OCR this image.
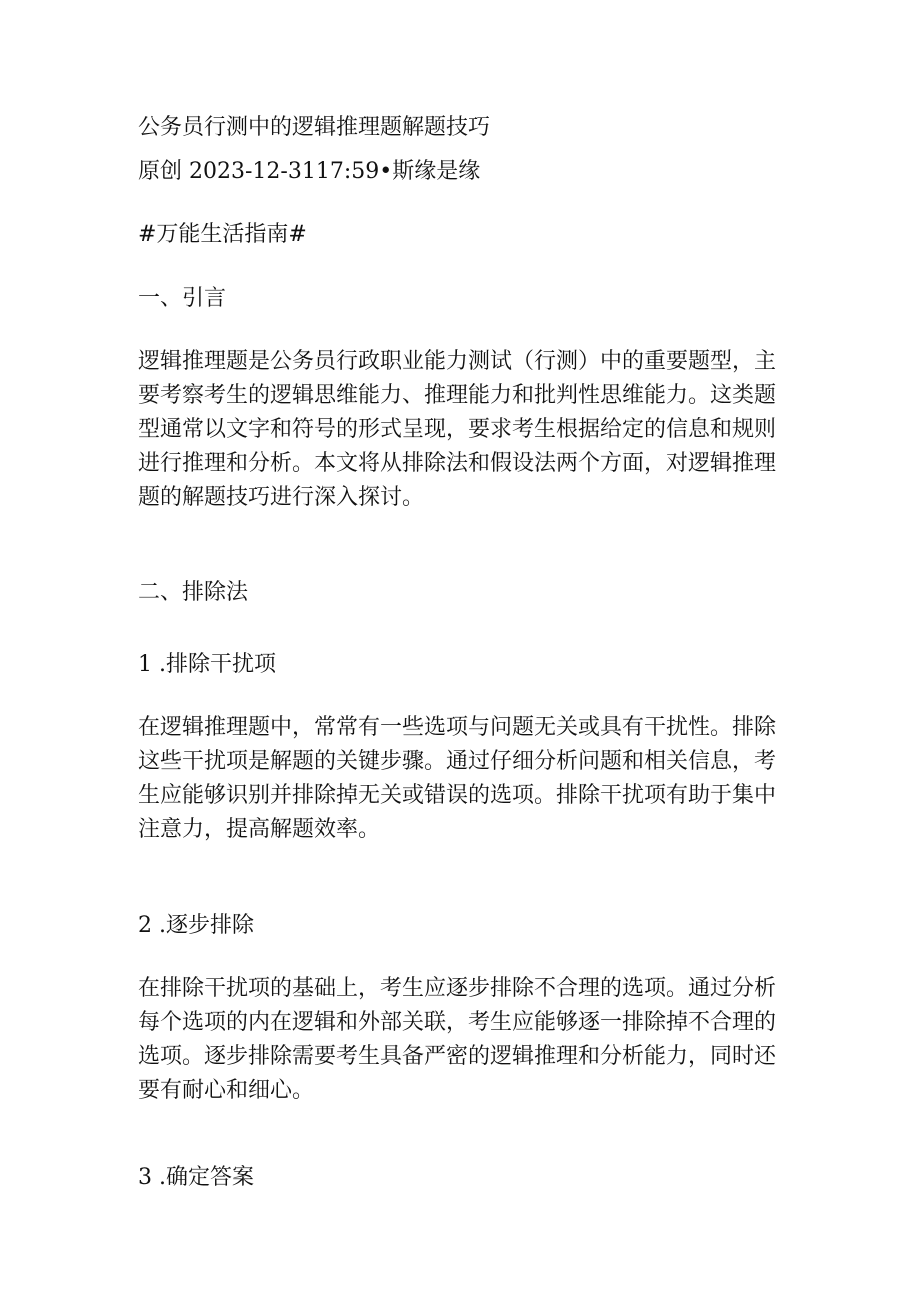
公务员行测中的逻辑推理题解题技巧

原创 2023-12-3117:59•斯缘是缘

#万能生活指南#

一、引言

逻辑推理题是公务员行政职业能力测试（行测）中的重要题型，主
要考察考生的逻辑思维能力、推理能力和批判性思维能力。这类题
型通常以文字和符号的形式呈现，要求考生根据给定的信息和规则
进行推理和分析。本文将从排除法和假设法两个方面，对逻辑推理
题的解题技巧进行深入探讨。

二、排除法

1 .排除干扰项

在逻辑推理题中，常常有一些选项与问题无关或具有干扰性。排除
这些干扰项是解题的关键步骤。通过仔细分析问题和相关信息，考
生应能够识别并排除掉无关或错误的选项。排除干扰项有助于集中
注意力，提高解题效率。

2 .逐步排除

在排除干扰项的基础上，考生应逐步排除不合理的选项。通过分析
每个选项的内在逻辑和外部关联，考生应能够逐一排除掉不合理的
选项。逐步排除需要考生具备严密的逻辑推理和分析能力，同时还
要有耐心和细心。

3 .确定答案
